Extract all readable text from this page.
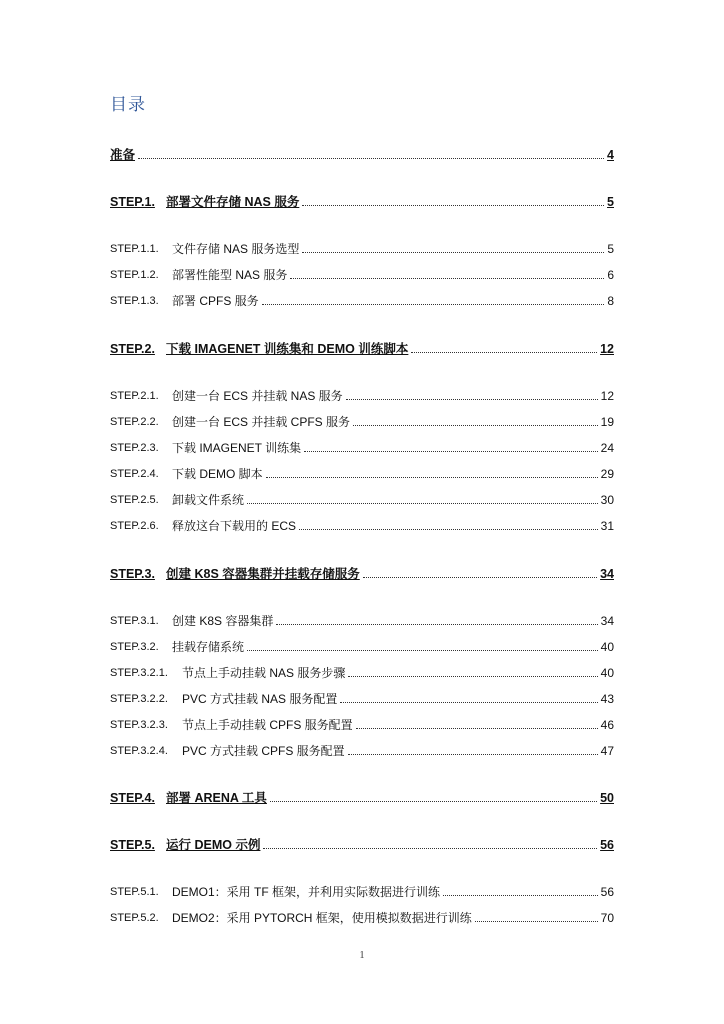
目录
准备	4
STEP.1. 部署文件存储 NAS 服务	5
STEP.1.1.	文件存储 NAS 服务选型	5
STEP.1.2.	部署性能型 NAS 服务	6
STEP.1.3.	部署 CPFS 服务	8
STEP.2. 下载 IMAGENET 训练集和 DEMO 训练脚本	12
STEP.2.1.	创建一台 ECS 并挂载 NAS 服务	12
STEP.2.2.	创建一台 ECS 并挂载 CPFS 服务	19
STEP.2.3.	下载 IMAGENET 训练集	24
STEP.2.4.	下载 DEMO 脚本	29
STEP.2.5.	卸载文件系统	30
STEP.2.6.	释放这台下载用的 ECS	31
STEP.3. 创建 K8S 容器集群并挂载存储服务	34
STEP.3.1.	创建 K8S 容器集群	34
STEP.3.2.	挂载存储系统	40
STEP.3.2.1.	节点上手动挂载 NAS 服务步骤	40
STEP.3.2.2.	PVC 方式挂载 NAS 服务配置	43
STEP.3.2.3.	节点上手动挂载 CPFS 服务配置	46
STEP.3.2.4.	PVC 方式挂载 CPFS 服务配置	47
STEP.4. 部署 ARENA 工具	50
STEP.5. 运行 DEMO 示例	56
STEP.5.1.	DEMO1：采用 TF 框架，并利用实际数据进行训练	56
STEP.5.2.	DEMO2：采用 PYTORCH 框架，使用模拟数据进行训练	70
1
